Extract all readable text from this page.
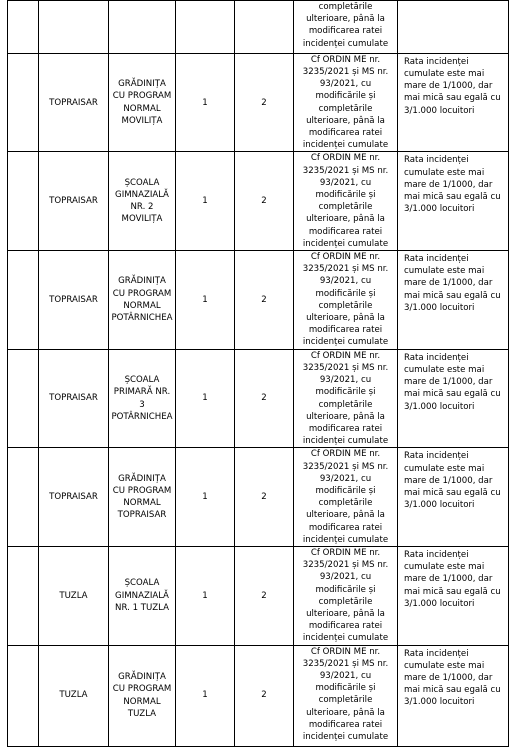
					completările ulterioare, până la modificarea ratei incidenței cumulate	
	TOPRAISAR	GRĂDINIȚA CU PROGRAM NORMAL MOVILIȚA	1	2	Cf ORDIN ME nr. 3235/2021 și MS nr. 93/2021, cu modificările și completările ulterioare, până la modificarea ratei incidenței cumulate	Rata incidenței cumulate este mai mare de 1/1000, dar mai mică sau egală cu 3/1.000 locuitori
	TOPRAISAR	ȘCOALA GIMNAZIALĂ NR. 2 MOVILIȚA	1	2	Cf ORDIN ME nr. 3235/2021 și MS nr. 93/2021, cu modificările și completările ulterioare, până la modificarea ratei incidenței cumulate	Rata incidenței cumulate este mai mare de 1/1000, dar mai mică sau egală cu 3/1.000 locuitori
	TOPRAISAR	GRĂDINIȚA CU PROGRAM NORMAL POTÂRNICHEA	1	2	Cf ORDIN ME nr. 3235/2021 și MS nr. 93/2021, cu modificările și completările ulterioare, până la modificarea ratei incidenței cumulate	Rata incidenței cumulate este mai mare de 1/1000, dar mai mică sau egală cu 3/1.000 locuitori
	TOPRAISAR	ȘCOALA PRIMARĂ NR. 3 POTÂRNICHEA	1	2	Cf ORDIN ME nr. 3235/2021 și MS nr. 93/2021, cu modificările și completările ulterioare, până la modificarea ratei incidenței cumulate	Rata incidenței cumulate este mai mare de 1/1000, dar mai mică sau egală cu 3/1.000 locuitori
	TOPRAISAR	GRĂDINIȚA CU PROGRAM NORMAL TOPRAISAR	1	2	Cf ORDIN ME nr. 3235/2021 și MS nr. 93/2021, cu modificările și completările ulterioare, până la modificarea ratei incidenței cumulate	Rata incidenței cumulate este mai mare de 1/1000, dar mai mică sau egală cu 3/1.000 locuitori
	TUZLA	ȘCOALA GIMNAZIALĂ NR. 1 TUZLA	1	2	Cf ORDIN ME nr. 3235/2021 și MS nr. 93/2021, cu modificările și completările ulterioare, până la modificarea ratei incidenței cumulate	Rata incidenței cumulate este mai mare de 1/1000, dar mai mică sau egală cu 3/1.000 locuitori
	TUZLA	GRĂDINIȚA CU PROGRAM NORMAL TUZLA	1	2	Cf ORDIN ME nr. 3235/2021 și MS nr. 93/2021, cu modificările și completările ulterioare, până la modificarea ratei incidenței cumulate	Rata incidenței cumulate este mai mare de 1/1000, dar mai mică sau egală cu 3/1.000 locuitori
